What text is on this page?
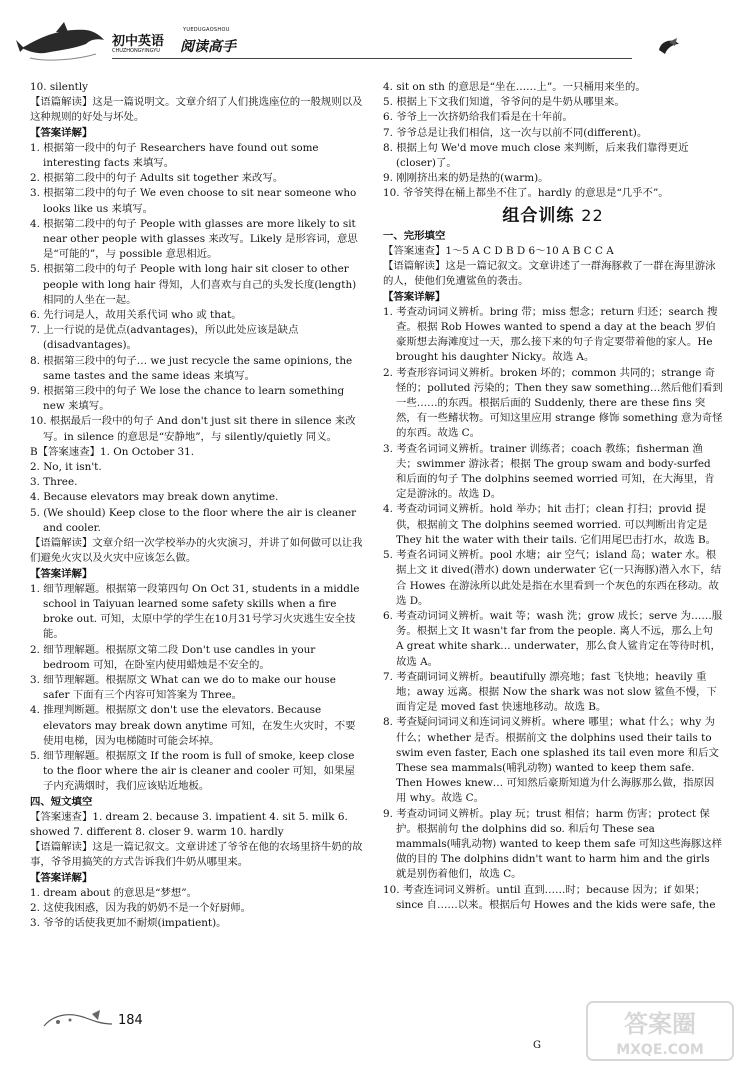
初中英语
YUEDUGAOSHOU
阅读高手
CHUZHONGYINGYU

10. silently

【语篇解读】这是一篇说明文。文章介绍了人们挑选座位的一般规则以及这种规则的好处与坏处。

【答案详解】

1. 根据第一段中的句子 Researchers have found out some interesting facts 来填写。

2. 根据第二段中的句子 Adults sit together 来改写。

3. 根据第二段中的句子 We even choose to sit near someone who looks like us 来填写。

4. 根据第二段中的句子 People with glasses are more likely to sit near other people with glasses 来改写。Likely 是形容词，意思是“可能的”，与 possible 意思相近。

5. 根据第二段中的句子 People with long hair sit closer to other people with long hair 得知，人们喜欢与自己的头发长度(length)相同的人坐在一起。

6. 先行词是人，故用关系代词 who 或 that。

7. 上一行说的是优点(advantages)，所以此处应该是缺点(disadvantages)。

8. 根据第三段中的句子… we just recycle the same opinions, the same tastes and the same ideas 来填写。

9. 根据第三段中的句子 We lose the chance to learn something new 来填写。

10. 根据最后一段中的句子 And don't just sit there in silence 来改写。in silence 的意思是“安静地”，与 silently/quietly 同义。

B【答案速查】1. On October 31.

2. No, it isn't.

3. Three.

4. Because elevators may break down anytime.

5. (We should) Keep close to the floor where the air is cleaner and cooler.

【语篇解读】文章介绍一次学校举办的火灾演习，并讲了如何做可以让我们避免火灾以及火灾中应该怎么做。

【答案详解】

1. 细节理解题。根据第一段第四句 On Oct 31, students in a middle school in Taiyuan learned some safety skills when a fire broke out. 可知，太原中学的学生在10月31号学习火灾逃生安全技能。

2. 细节理解题。根据原文第二段 Don't use candles in your bedroom 可知，在卧室内使用蜡烛是不安全的。

3. 细节理解题。根据原文 What can we do to make our house safer 下面有三个内容可知答案为 Three。

4. 推理判断题。根据原文 don't use the elevators. Because elevators may break down anytime 可知，在发生火灾时，不要使用电梯，因为电梯随时可能会坏掉。

5. 细节理解题。根据原文 If the room is full of smoke, keep close to the floor where the air is cleaner and cooler 可知，如果屋子内充满烟时，我们应该贴近地板。

四、短文填空

【答案速查】1. dream 2. because 3. impatient 4. sit 5. milk 6. showed 7. different 8. closer 9. warm 10. hardly

【语篇解读】这是一篇记叙文。文章讲述了爷爷在他的农场里挤牛奶的故事，爷爷用搞笑的方式告诉我们牛奶从哪里来。

【答案详解】

1. dream about 的意思是“梦想”。

2. 这使我困惑，因为我的奶奶不是一个好厨师。

3. 爷爷的话使我更加不耐烦(impatient)。

4. sit on sth 的意思是“坐在……上”。一只桶用来坐的。

5. 根据上下文我们知道，爷爷问的是牛奶从哪里来。

6. 爷爷上一次挤奶给我们看是在十年前。

7. 爷爷总是让我们相信，这一次与以前不同(different)。

8. 根据上句 We'd move much close 来判断，后来我们靠得更近(closer)了。

9. 刚刚挤出来的奶是热的(warm)。

10. 爷爷笑得在桶上都坐不住了。hardly 的意思是“几乎不”。

组合训练 22

一、完形填空

【答案速查】1～5 A C D B D 6～10 A B C C A

【语篇解读】这是一篇记叙文。文章讲述了一群海豚救了一群在海里游泳的人，使他们免遭鲨鱼的袭击。

【答案详解】

1. 考查动词词义辨析。bring 带；miss 想念；return 归还；search 搜查。根据 Rob Howes wanted to spend a day at the beach 罗伯豪斯想去海滩度过一天，那么接下来的句子肯定要带着他的家人。He brought his daughter Nicky。故选 A。

2. 考查形容词词义辨析。broken 坏的；common 共同的；strange 奇怪的；polluted 污染的；Then they saw something…然后他们看到一些……的东西。根据后面的 Suddenly, there are these fins 突然，有一些鳍状物。可知这里应用 strange 修饰 something 意为奇怪的东西。故选 C。

3. 考查名词词义辨析。trainer 训练者；coach 教练；fisherman 渔夫；swimmer 游泳者；根据 The group swam and body-surfed 和后面的句子 The dolphins seemed worried 可知，在大海里，肯定是游泳的。故选 D。

4. 考查动词词义辨析。hold 举办；hit 击打；clean 打扫；provid 提供，根据前文 The dolphins seemed worried. 可以判断出肯定是 They hit the water with their tails. 它们用尾巴击打水，故选 B。

5. 考查名词词义辨析。pool 水塘；air 空气；island 岛；water 水。根据上文 it dived(潜水) down underwater 它(一只海豚)潜入水下，结合 Howes 在游泳所以此处是指在水里看到一个灰色的东西在移动。故选 D。

6. 考查动词词义辨析。wait 等；wash 洗；grow 成长；serve 为……服务。根据上文 It wasn't far from the people. 离人不远，那么上句 A great white shark… underwater，那么食人鲨肯定在等待时机，故选 A。

7. 考查副词词义辨析。beautifully 漂亮地；fast 飞快地；heavily 重地；away 远离。根据 Now the shark was not slow 鲨鱼不慢，下面肯定是 moved fast 快速地移动。故选 B。

8. 考查疑问词词义和连词词义辨析。where 哪里；what 什么；why 为什么；whether 是否。根据前文 the dolphins used their tails to swim even faster, Each one splashed its tail even more 和后文 These sea mammals(哺乳动物) wanted to keep them safe. Then Howes knew… 可知然后豪斯知道为什么海豚那么做，指原因用 why。故选 C。

9. 考查动词词义辨析。play 玩；trust 相信；harm 伤害；protect 保护。根据前句 the dolphins did so. 和后句 These sea mammals(哺乳动物) wanted to keep them safe 可知这些海豚这样做的目的 The dolphins didn't want to harm him and the girls 就是别伤着他们，故选 C。

10. 考查连词词义辨析。until 直到……时；because 因为；if 如果；since 自……以来。根据后句 Howes and the kids were safe, the

184
G
答案圈
MXQE.COM
